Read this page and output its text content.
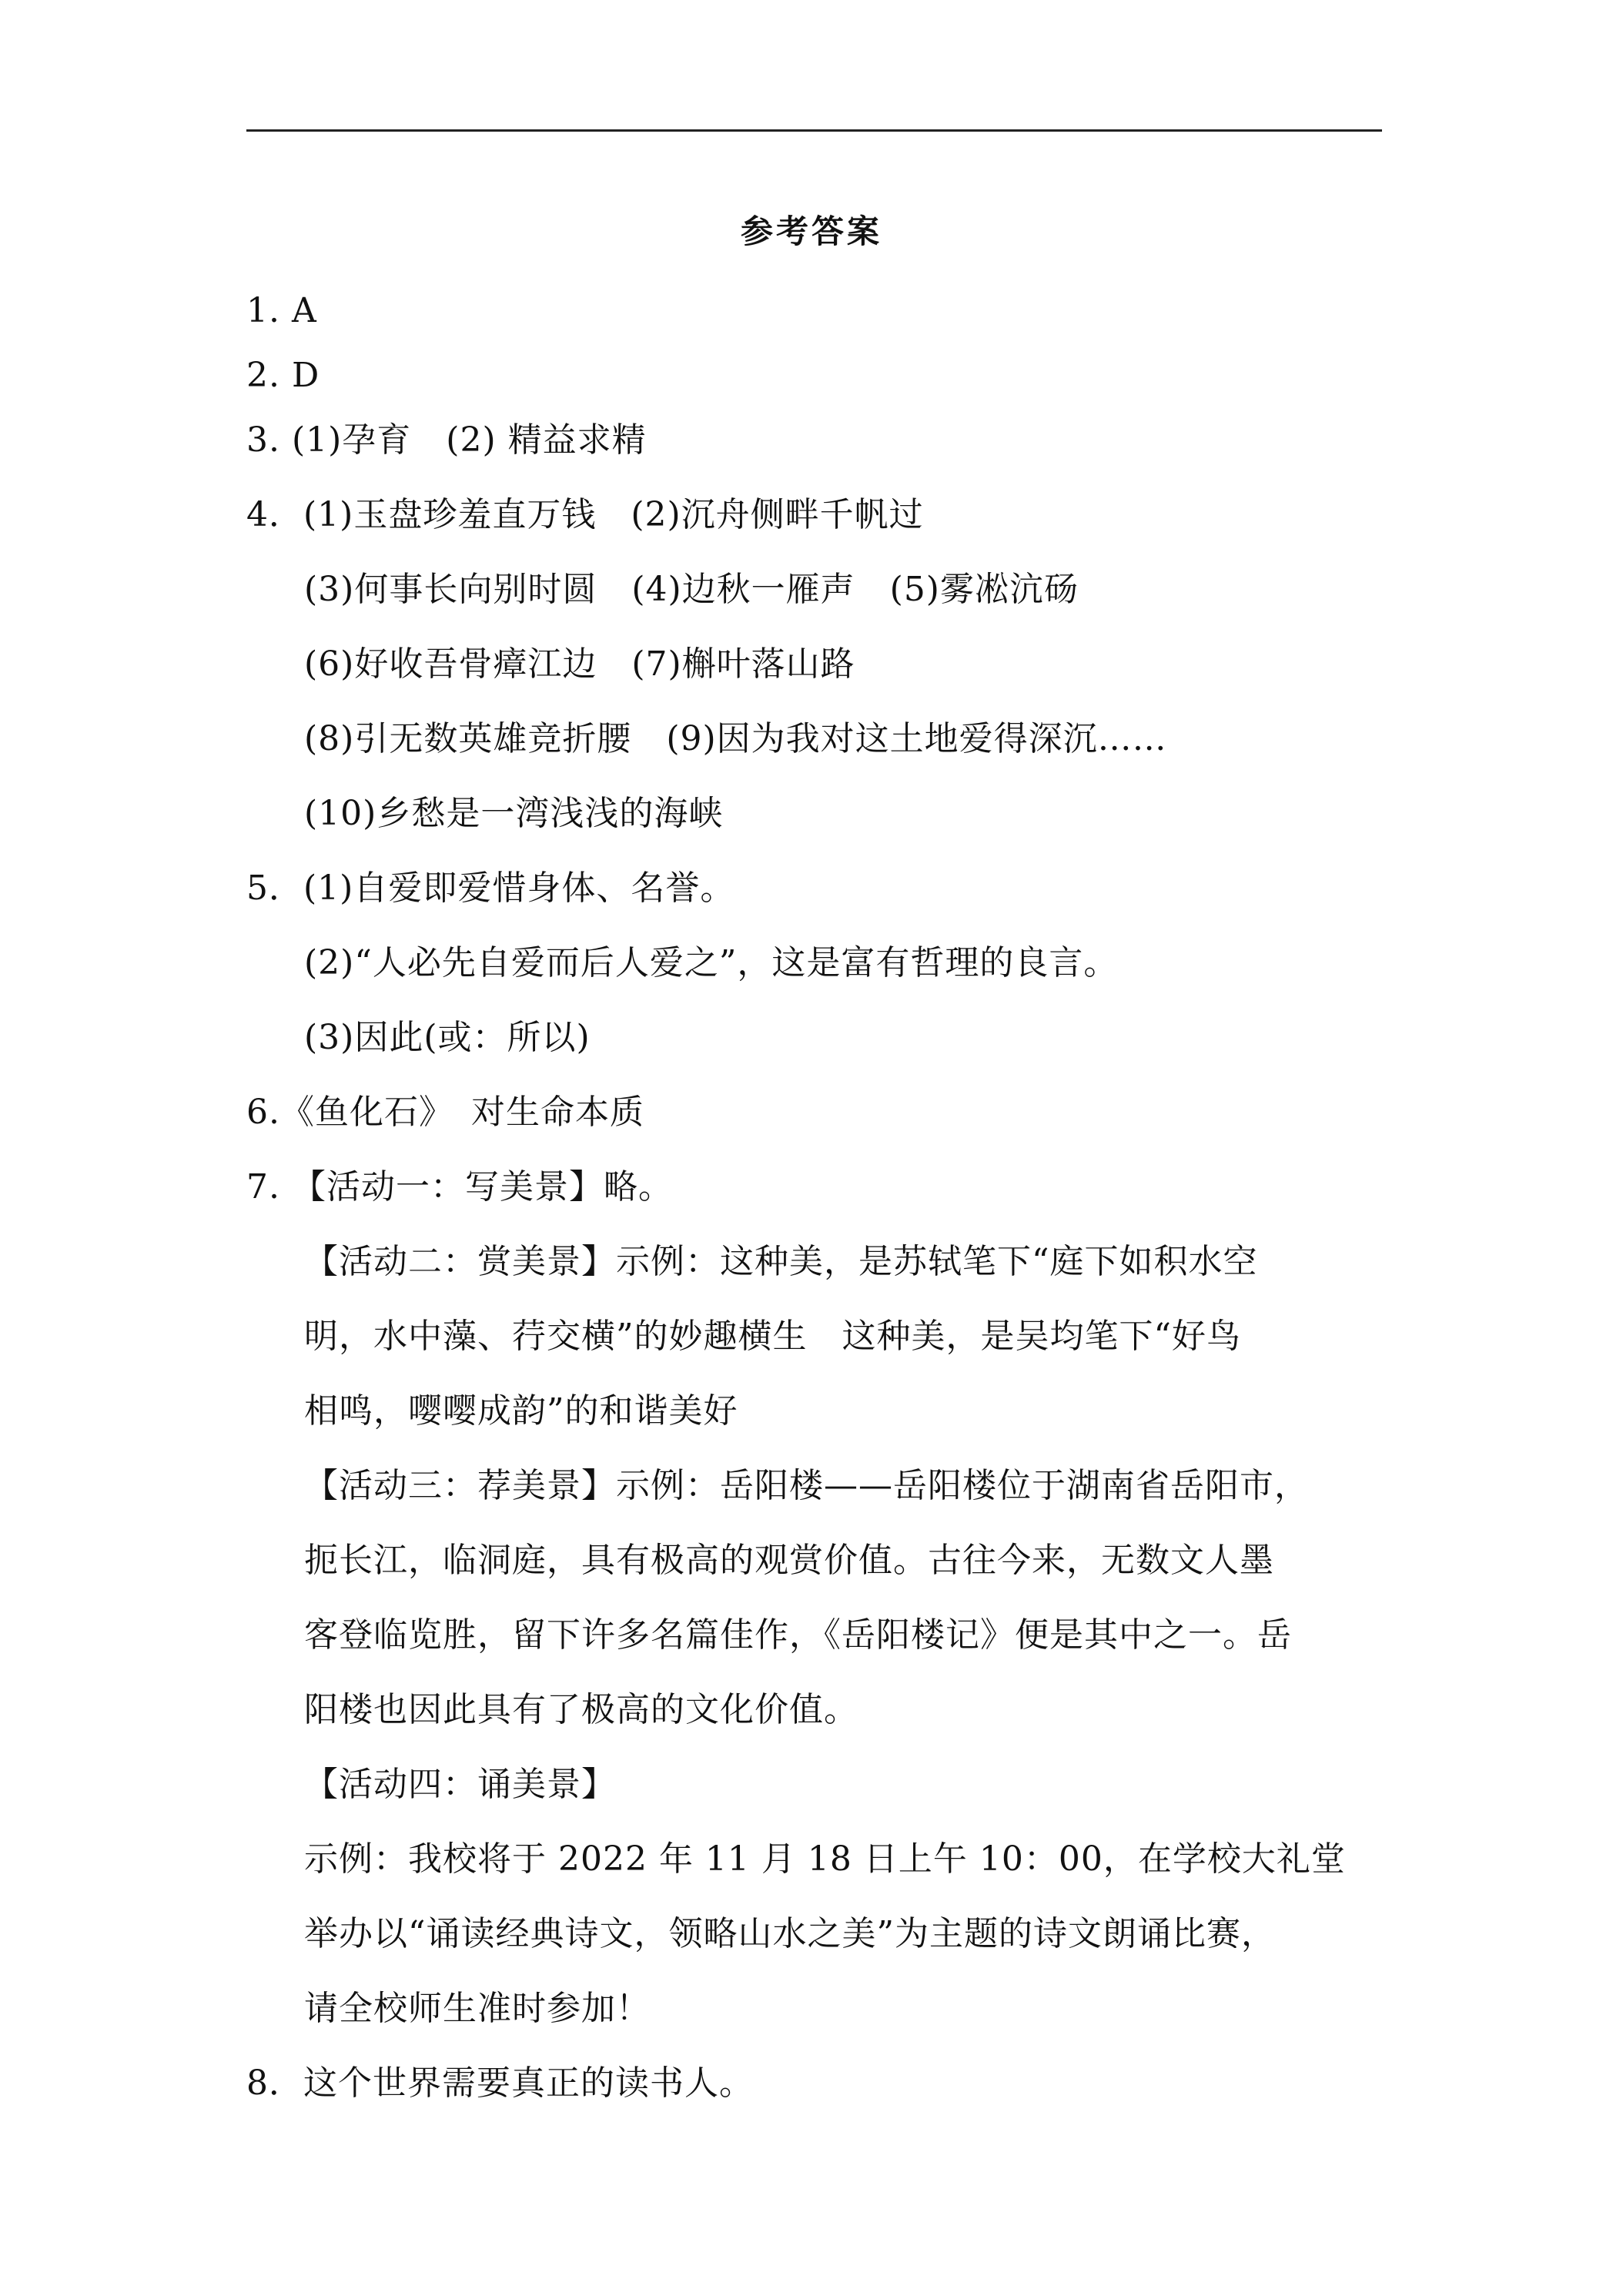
参考答案
1. A
2. D
3. (1)孕育　(2) 精益求精
4．(1)玉盘珍羞直万钱　(2)沉舟侧畔千帆过
(3)何事长向别时圆　(4)边秋一雁声　(5)雾凇沆砀
(6)好收吾骨瘴江边　(7)槲叶落山路
(8)引无数英雄竞折腰　(9)因为我对这土地爱得深沉……
(10)乡愁是一湾浅浅的海峡
5．(1)自爱即爱惜身体、名誉。
(2)“人必先自爱而后人爱之”，这是富有哲理的良言。
(3)因此(或：所以)
6.《鱼化石》　对生命本质
7. 【活动一：写美景】略。
【活动二：赏美景】示例：这种美，是苏轼笔下“庭下如积水空
明，水中藻、荇交横”的妙趣横生　这种美，是吴均笔下“好鸟
相鸣，嘤嘤成韵”的和谐美好
【活动三：荐美景】示例：岳阳楼——岳阳楼位于湖南省岳阳市，
扼长江，临洞庭，具有极高的观赏价值。古往今来，无数文人墨
客登临览胜，留下许多名篇佳作，《岳阳楼记》便是其中之一。岳
阳楼也因此具有了极高的文化价值。
【活动四：诵美景】
示例：我校将于 2022 年 11 月 18 日上午 10：00，在学校大礼堂
举办以“诵读经典诗文，领略山水之美”为主题的诗文朗诵比赛，
请全校师生准时参加！
8．这个世界需要真正的读书人。
